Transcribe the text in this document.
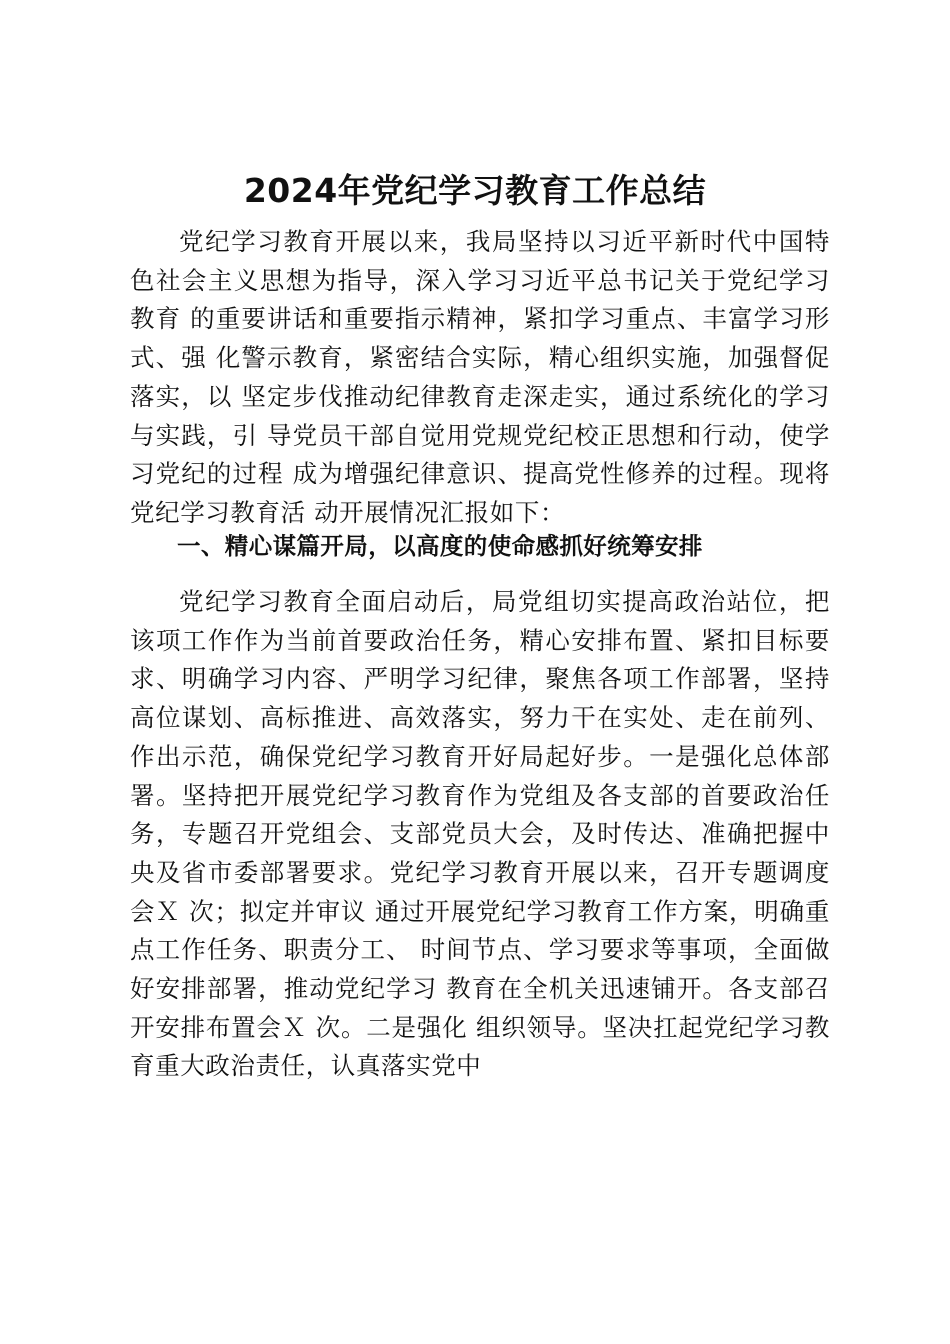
2024年党纪学习教育工作总结

党纪学习教育开展以来，我局坚持以习近平新时代中国特色社会主义思想为指导，深入学习习近平总书记关于党纪学习教育 的重要讲话和重要指示精神，紧扣学习重点、丰富学习形式、强 化警示教育，紧密结合实际，精心组织实施，加强督促落实，以 坚定步伐推动纪律教育走深走实，通过系统化的学习与实践，引 导党员干部自觉用党规党纪校正思想和行动，使学习党纪的过程 成为增强纪律意识、提高党性修养的过程。现将党纪学习教育活 动开展情况汇报如下：

一、精心谋篇开局，以高度的使命感抓好统筹安排

党纪学习教育全面启动后，局党组切实提高政治站位，把该项工作作为当前首要政治任务，精心安排布置、紧扣目标要求、明确学习内容、严明学习纪律，聚焦各项工作部署，坚持高位谋划、高标推进、高效落实，努力干在实处、走在前列、作出示范，确保党纪学习教育开好局起好步。一是强化总体部署。坚持把开展党纪学习教育作为党组及各支部的首要政治任务，专题召开党组会、支部党员大会，及时传达、准确把握中央及省市委部署要求。党纪学习教育开展以来，召开专题调度会Ｘ 次；拟定并审议 通过开展党纪学习教育工作方案，明确重点工作任务、职责分工、 时间节点、学习要求等事项，全面做好安排部署，推动党纪学习 教育在全机关迅速铺开。各支部召开安排布置会Ｘ 次。二是强化 组织领导。坚决扛起党纪学习教育重大政治责任，认真落实党中
